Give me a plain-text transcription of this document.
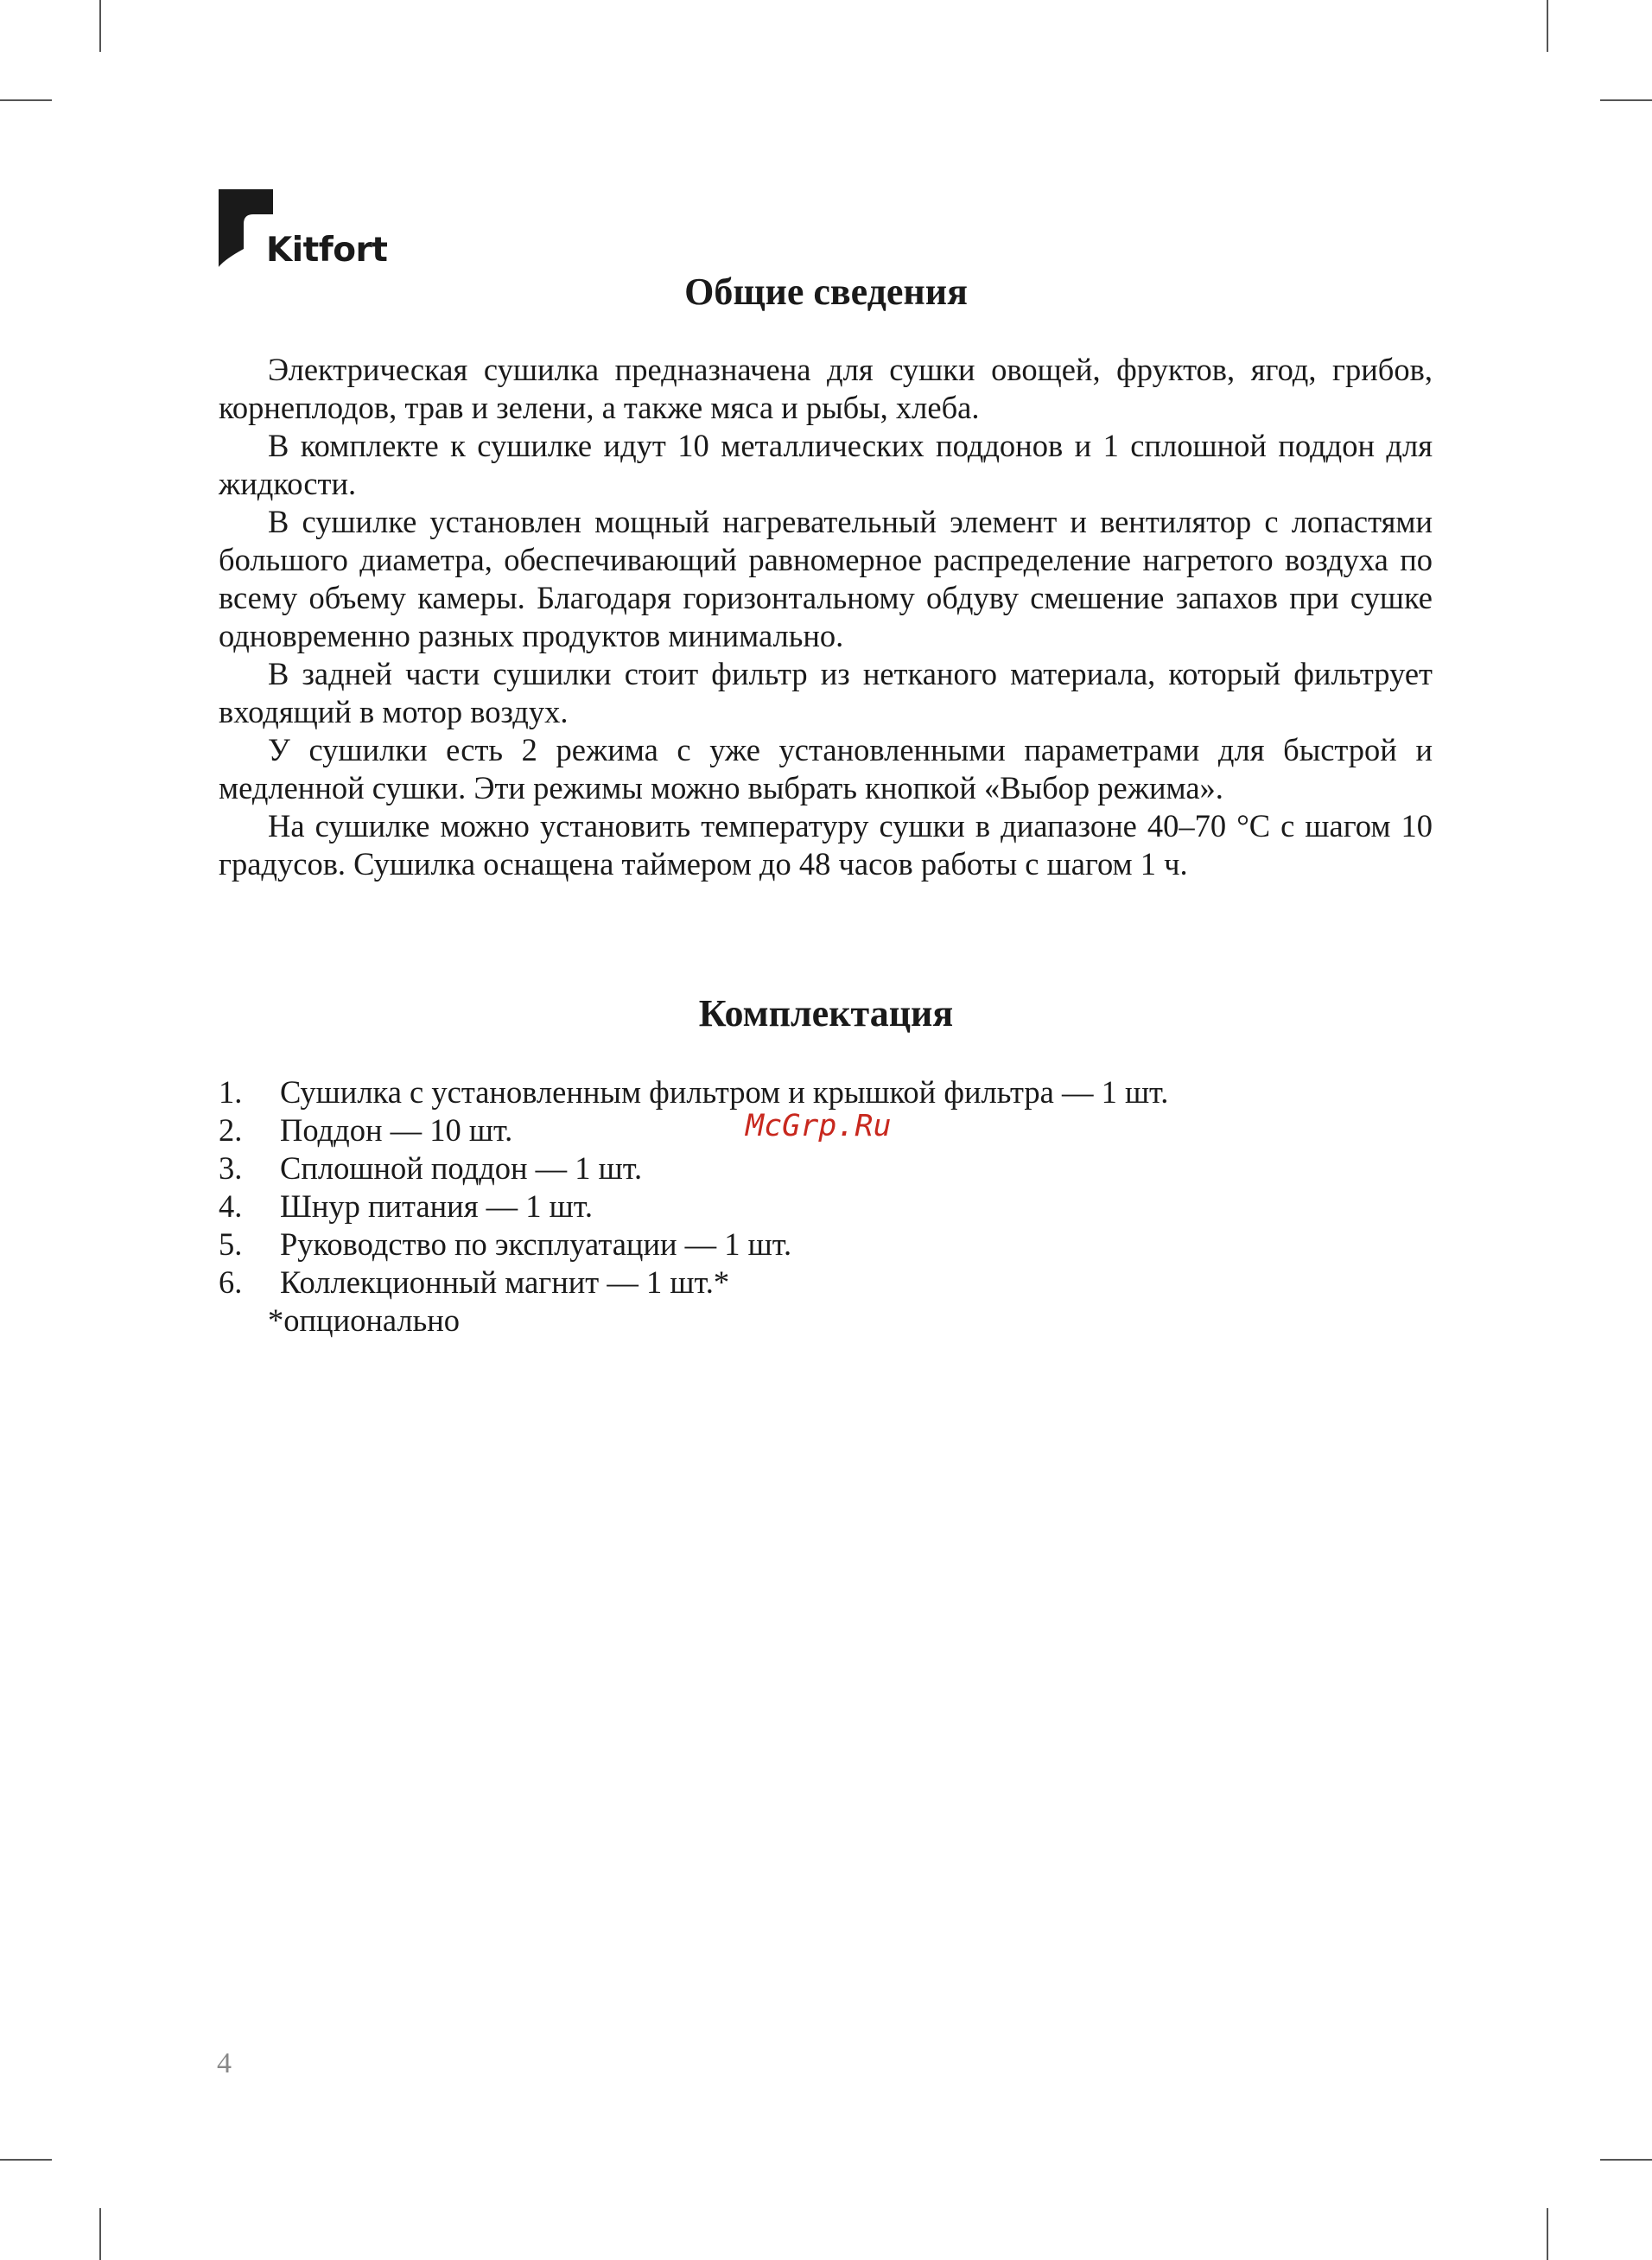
Kitfort
Общие сведения

Электрическая сушилка предназначена для сушки овощей, фруктов, ягод, грибов, корнеплодов, трав и зелени, а также мяса и рыбы, хлеба.

В комплекте к сушилке идут 10 металлических поддонов и 1 сплошной поддон для жидкости.

В сушилке установлен мощный нагревательный элемент и вентилятор с лопастями большого диаметра, обеспечивающий равномерное распределение нагретого воздуха по всему объему камеры. Благодаря горизонтальному обдуву смешение запахов при сушке одновременно разных продуктов минимально.

В задней части сушилки стоит фильтр из нетканого материала, который фильтрует входящий в мотор воздух.

У сушилки есть 2 режима с уже установленными параметрами для быстрой и медленной сушки. Эти режимы можно выбрать кнопкой «Выбор режима».

На сушилке можно установить температуру сушки в диапазоне 40–70 °C с шагом 10 градусов. Сушилка оснащена таймером до 48 часов работы с шагом 1 ч.

Комплектация
1.	Сушилка с установленным фильтром и крышкой фильтра — 1 шт.
2.	Поддон — 10 шт.
3.	Сплошной поддон — 1 шт.
4.	Шнур питания — 1 шт.
5.	Руководство по эксплуатации — 1 шт.
6.	Коллекционный магнит — 1 шт.*
*опционально
McGrp.Ru
4
